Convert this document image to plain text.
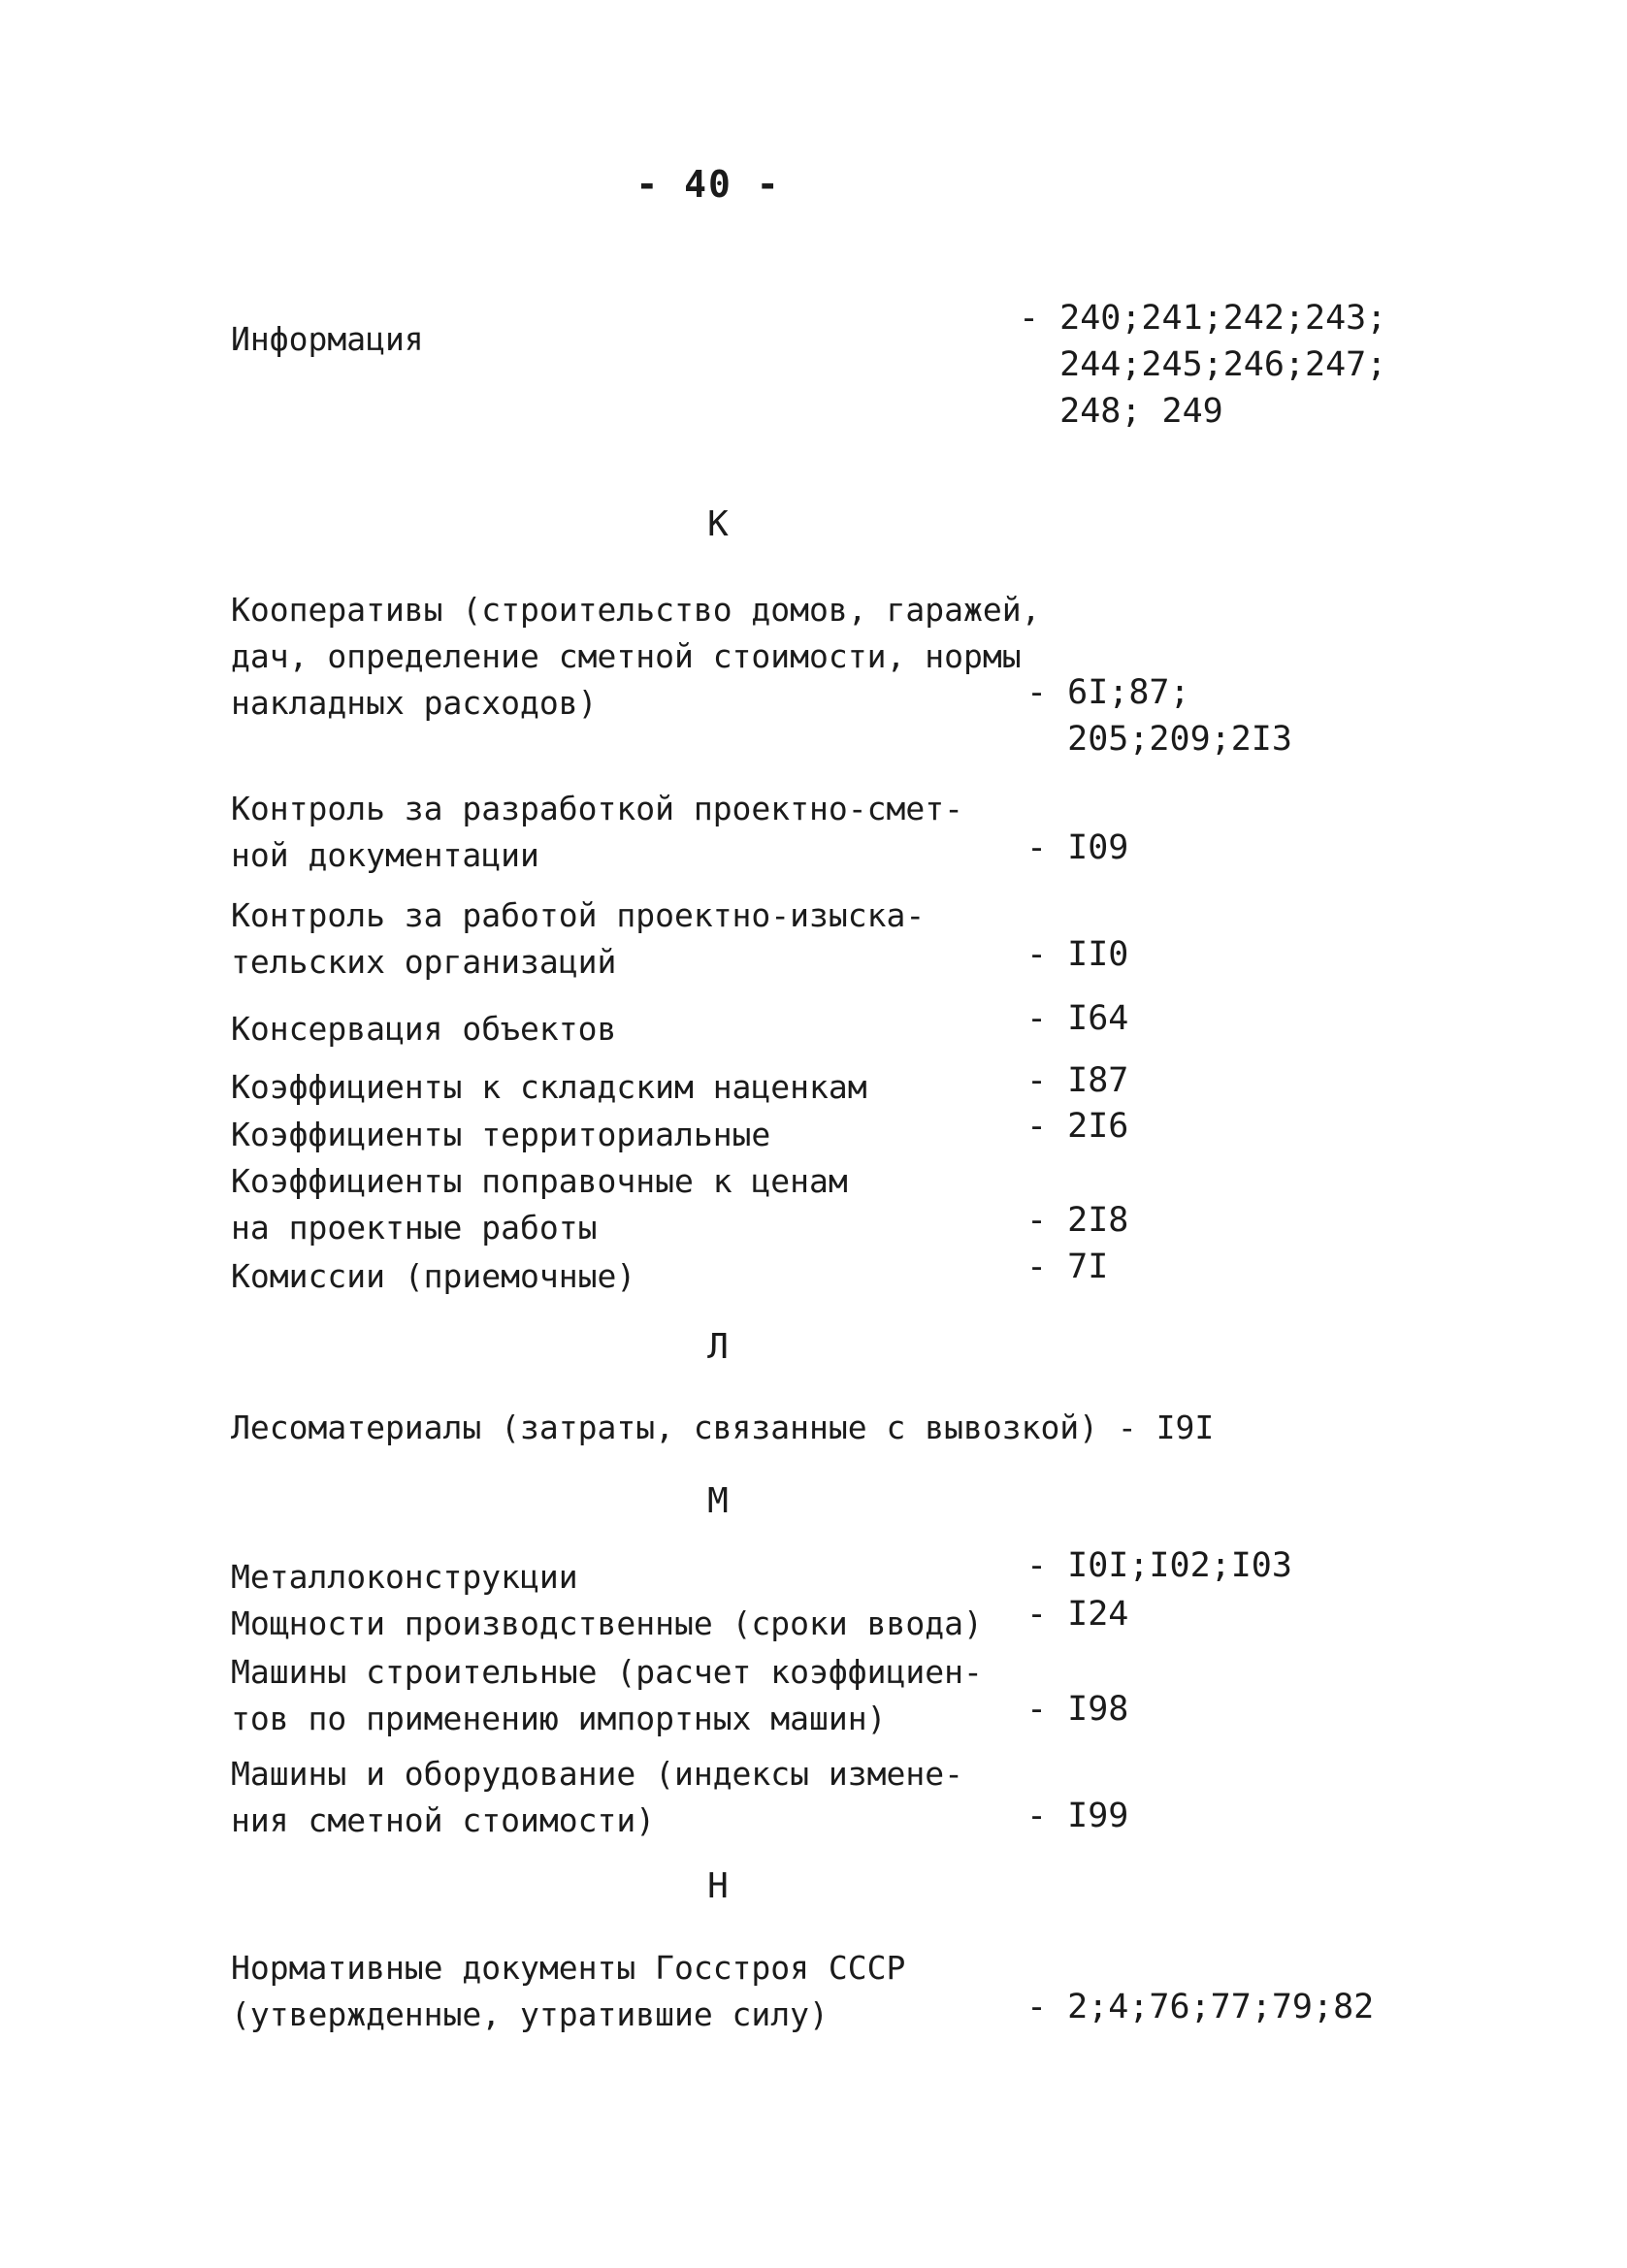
- 40 -
Информация
- 240;241;242;243;
244;245;246;247;
248; 249
К
Кооперативы (строительство домов, гаражей,
дач, определение сметной стоимости, нормы
накладных расходов)	- 6I;87;
205;209;2I3
Контроль за разработкой проектно-смет-
ной документации	- I09
Контроль за работой проектно-изыска-
тельских организаций	- II0
Консервация объектов	- I64
Коэффициенты к складским наценкам	- I87
Коэффициенты территориальные	- 2I6
Коэффициенты поправочные к ценам
на проектные работы	- 2I8
Комиссии (приемочные)	- 7I
Л
Лесоматериалы (затраты, связанные с вывозкой) - I9I
М
Металлоконструкции	- I0I;I02;I03
Мощности производственные (сроки ввода)	- I24
Машины строительные (расчет коэффициен-
тов по применению импортных машин)	- I98
Машины и оборудование (индексы измене-
ния сметной стоимости)	- I99
Н
Нормативные документы Госстроя СССР
(утвержденные, утратившие силу)	- 2;4;76;77;79;82
